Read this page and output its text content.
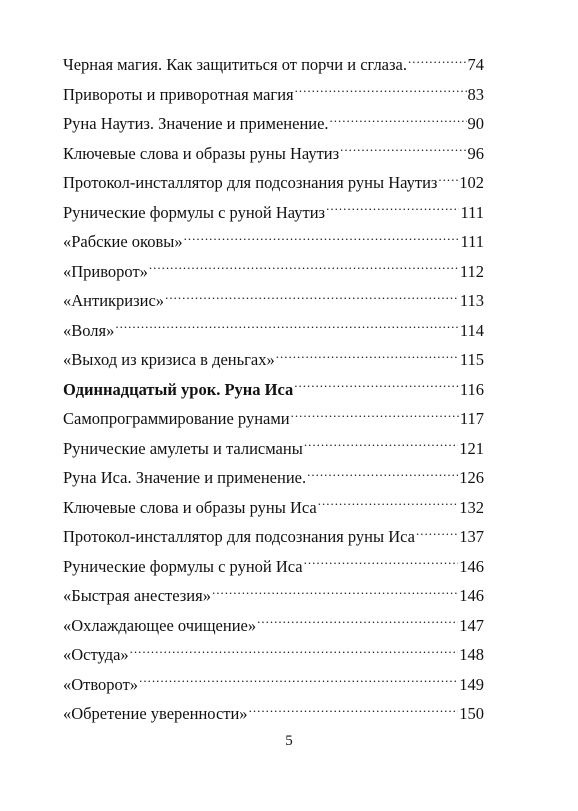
Черная магия. Как защититься от порчи и сглаза. .....	74
Привороты и приворотная магия .....	83
Руна Наутиз. Значение и применение. .....	90
Ключевые слова и образы руны Наутиз .....	96
Протокол-инсталлятор для подсознания руны Наутиз ..... 102
Рунические формулы с руной Наутиз .....	111
«Рабские оковы» .....	111
«Приворот» .....	112
«Антикризис» .....	113
«Воля» .....	114
«Выход из кризиса в деньгах» .....	115
Одиннадцатый урок. Руна Иса .....	116
Самопрограммирование рунами .....	117
Рунические амулеты и талисманы .....	121
Руна Иса. Значение и применение. .....	126
Ключевые слова и образы руны Иса .....	132
Протокол-инсталлятор для подсознания руны Иса .....	137
Рунические формулы с руной Иса .....	146
«Быстрая анестезия» .....	146
«Охлаждающее очищение» .....	147
«Остуда» .....	148
«Отворот» .....	149
«Обретение уверенности» .....	150
5
